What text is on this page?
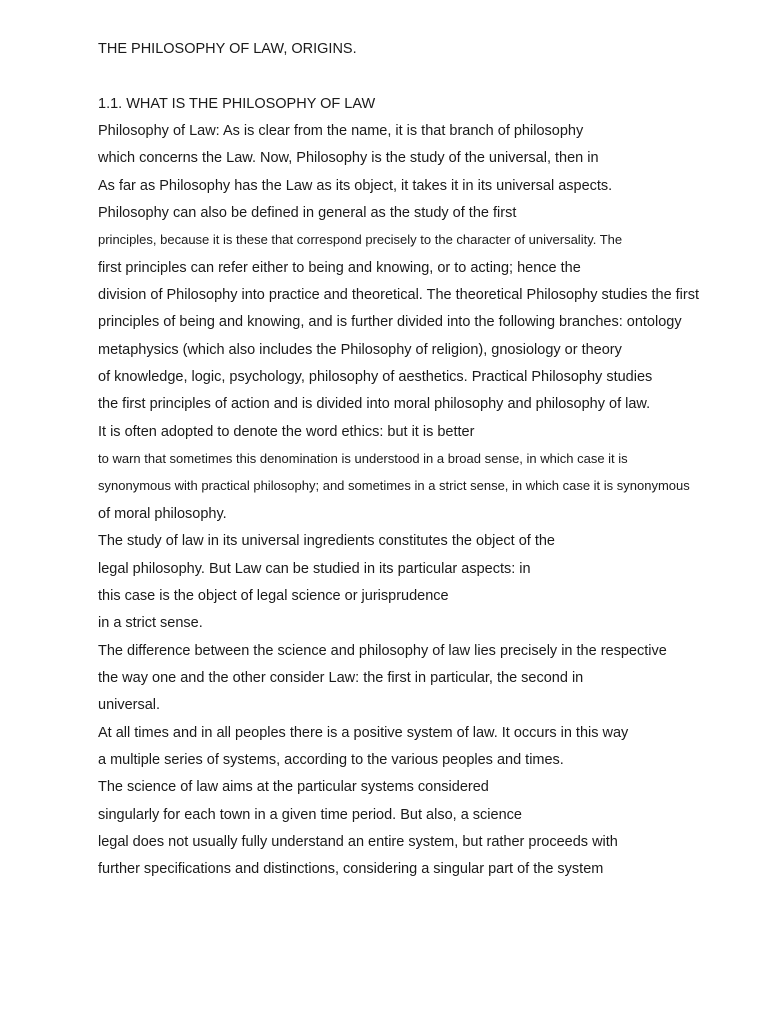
THE PHILOSOPHY OF LAW, ORIGINS.
1.1. WHAT IS THE PHILOSOPHY OF LAW
Philosophy of Law: As is clear from the name, it is that branch of philosophy
which concerns the Law. Now, Philosophy is the study of the universal, then in
As far as Philosophy has the Law as its object, it takes it in its universal aspects.
Philosophy can also be defined in general as the study of the first
principles, because it is these that correspond precisely to the character of universality. The
first principles can refer either to being and knowing, or to acting; hence the
division of Philosophy into practice and theoretical. The theoretical Philosophy studies the first
principles of being and knowing, and is further divided into the following branches: ontology
metaphysics (which also includes the Philosophy of religion), gnosiology or theory
of knowledge, logic, psychology, philosophy of aesthetics. Practical Philosophy studies
the first principles of action and is divided into moral philosophy and philosophy of law.
It is often adopted to denote the word ethics: but it is better
to warn that sometimes this denomination is understood in a broad sense, in which case it is
synonymous with practical philosophy; and sometimes in a strict sense, in which case it is synonymous
of moral philosophy.
The study of law in its universal ingredients constitutes the object of the
legal philosophy. But Law can be studied in its particular aspects: in
this case is the object of legal science or jurisprudence
in a strict sense.
The difference between the science and philosophy of law lies precisely in the respective
the way one and the other consider Law: the first in particular, the second in
universal.
At all times and in all peoples there is a positive system of law. It occurs in this way
a multiple series of systems, according to the various peoples and times.
The science of law aims at the particular systems considered
singularly for each town in a given time period. But also, a science
legal does not usually fully understand an entire system, but rather proceeds with
further specifications and distinctions, considering a singular part of the system
